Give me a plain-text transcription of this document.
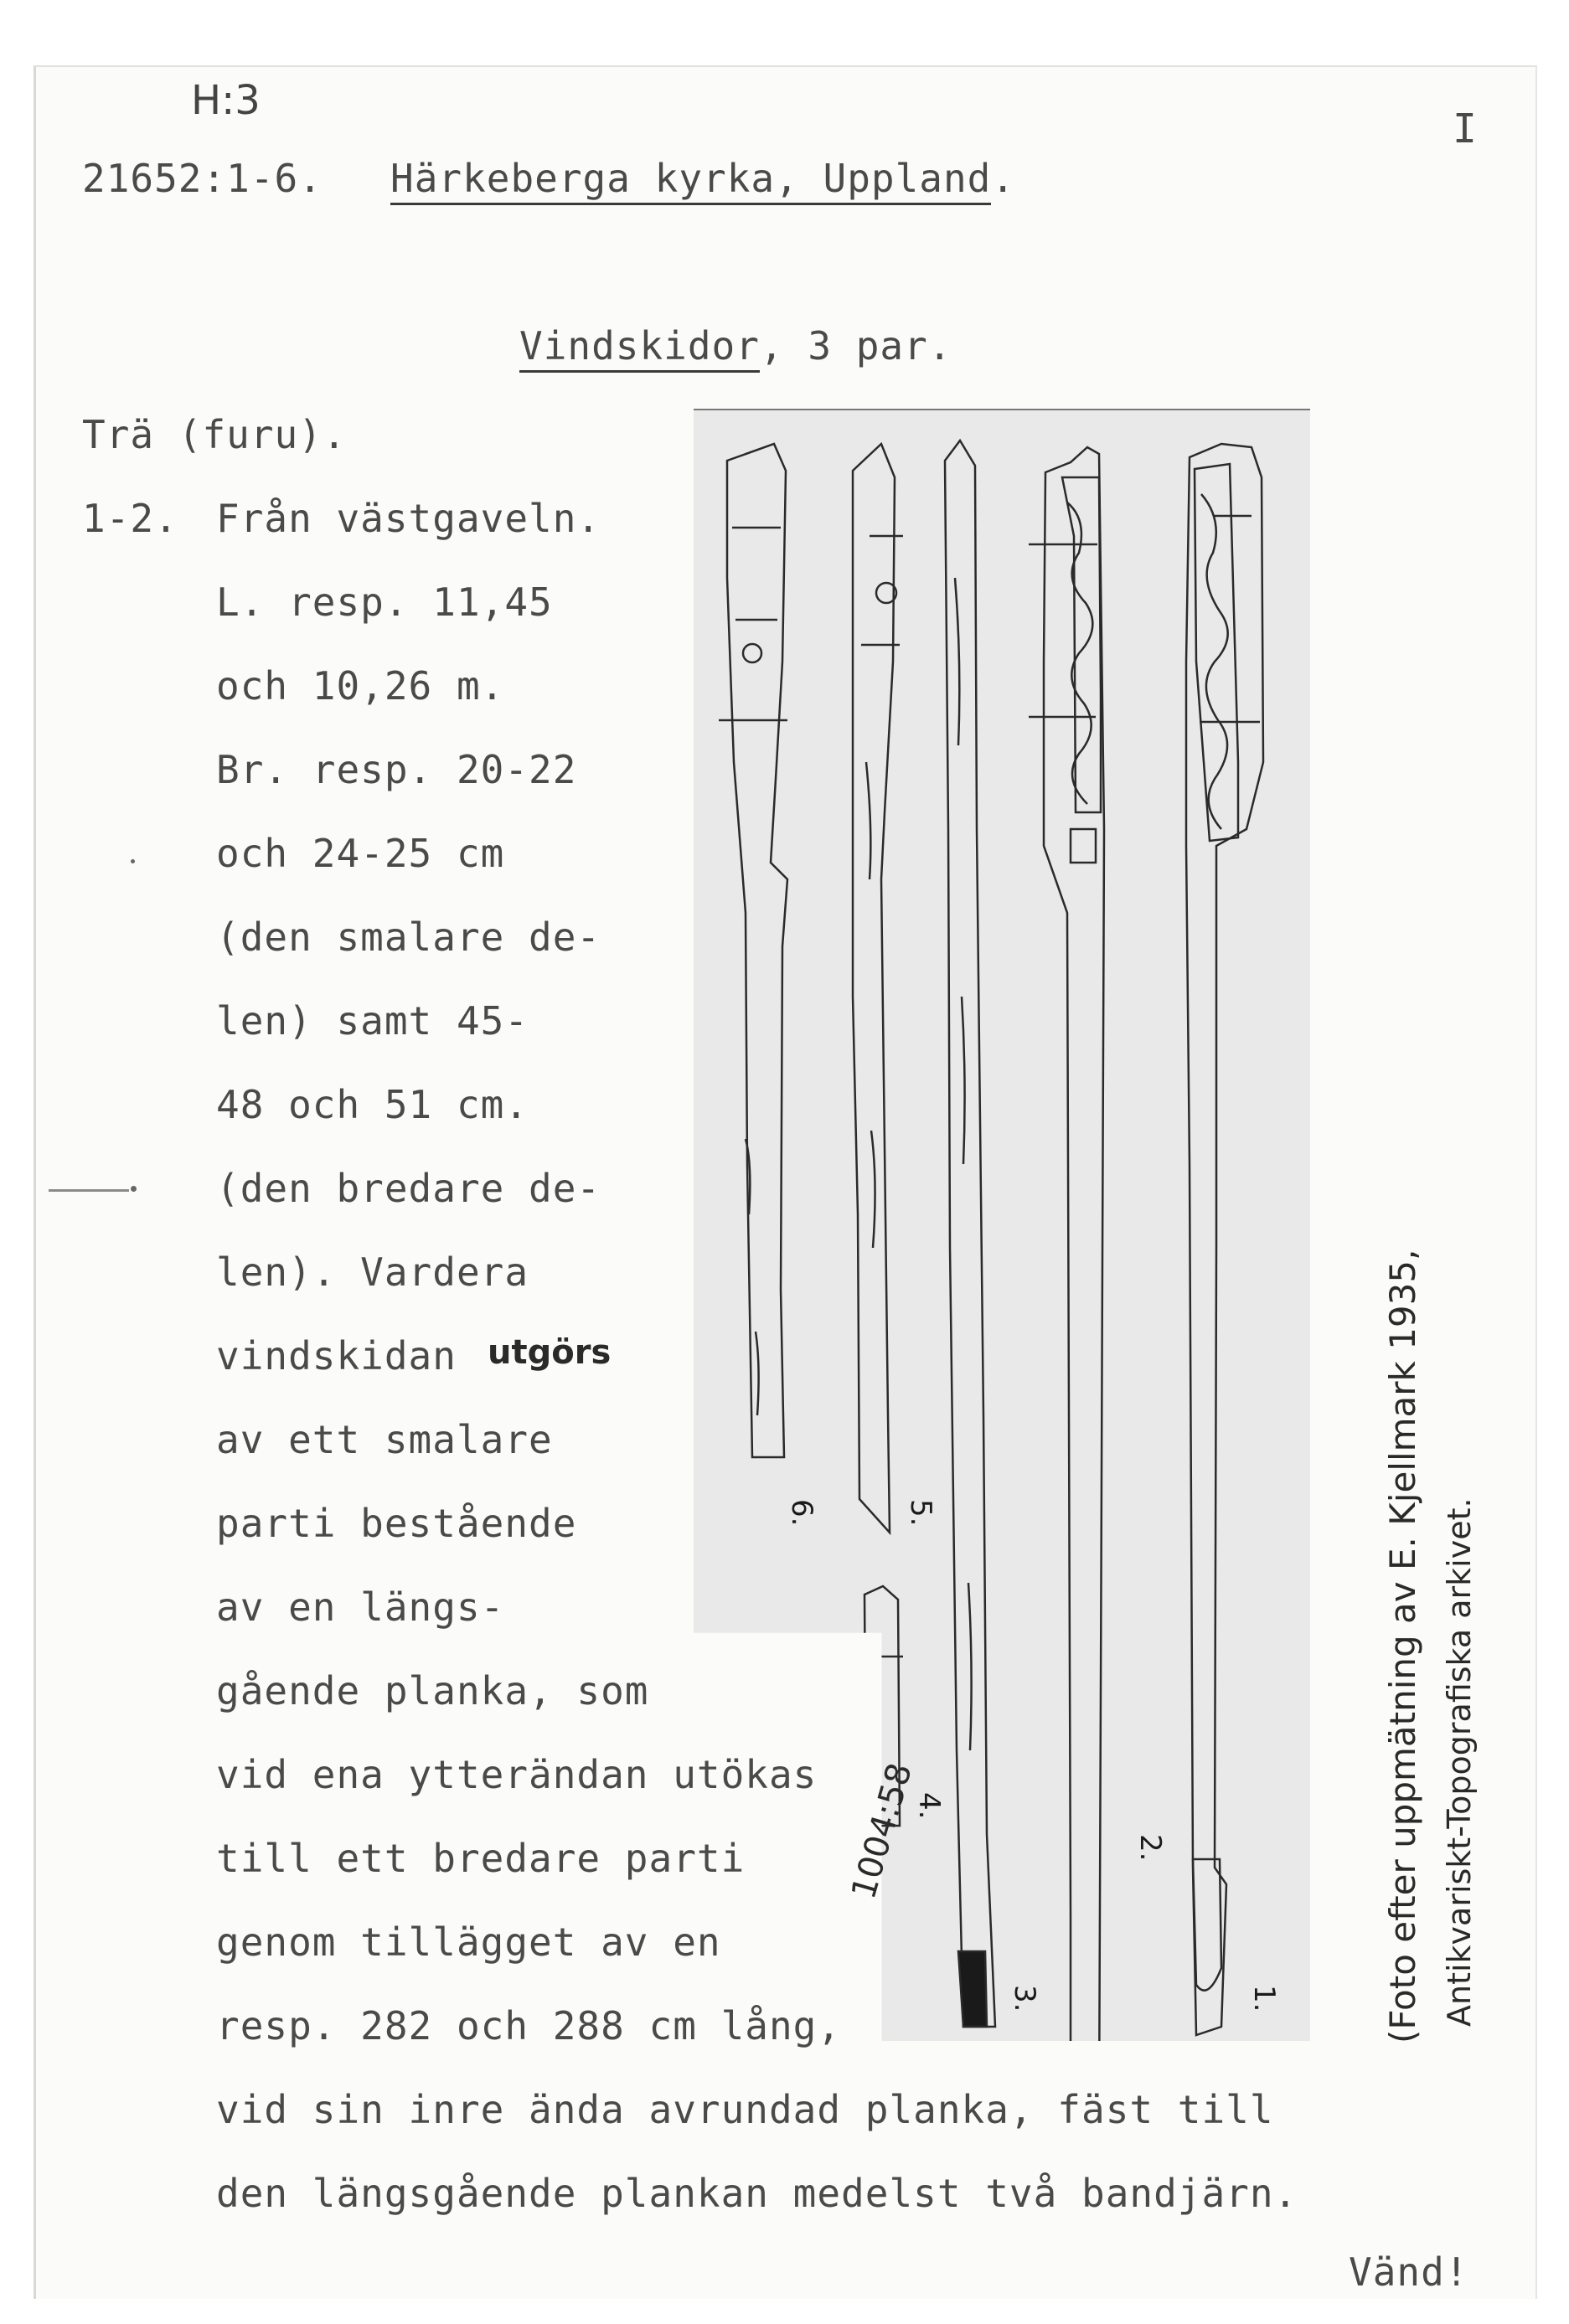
H:3
I
21652:1-6. Härkeberga kyrka, Uppland.
Vindskidor, 3 par.
Trä (furu).
1-2. Från västgaveln.
L. resp. 11,45
och 10,26 m.
Br. resp. 20-22
och 24-25 cm
(den smalare de-
len) samt 45-
48 och 51 cm.
(den bredare de-
len). Vardera
vindskidan utgörs
av ett smalare
parti bestående
av en längs-
gående planka, som
vid ena ytterändan utökas
till ett bredare parti
genom tillägget av en
resp. 282 och 288 cm lång,
vid sin inre ända avrundad planka, fäst till
den längsgående plankan medelst två bandjärn.
Vänd!
6.	5.
4.
3.
2.
1.
1004:58	(Foto efter uppmätning av E. Kjellmark 1935, Antikvariskt-Topografiska arkivet.
